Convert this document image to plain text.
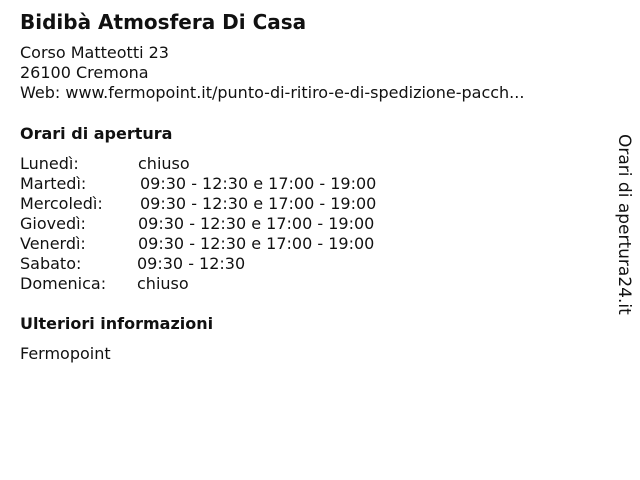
Bidibà Atmosfera Di Casa
Corso Matteotti 23
26100 Cremona
Web: www.fermopoint.it/punto-di-ritiro-e-di-spedizione-pacch...
Orari di apertura
Lunedì:	chiuso
Martedì:	09:30 - 12:30 e 17:00 - 19:00
Mercoledì: 09:30 - 12:30 e 17:00 - 19:00
Giovedì:	09:30 - 12:30 e 17:00 - 19:00
Venerdì:	09:30 - 12:30 e 17:00 - 19:00
Sabato:	09:30 - 12:30
Domenica: chiuso
Ulteriori informazioni
Fermopoint
Orari di apertura24.it
